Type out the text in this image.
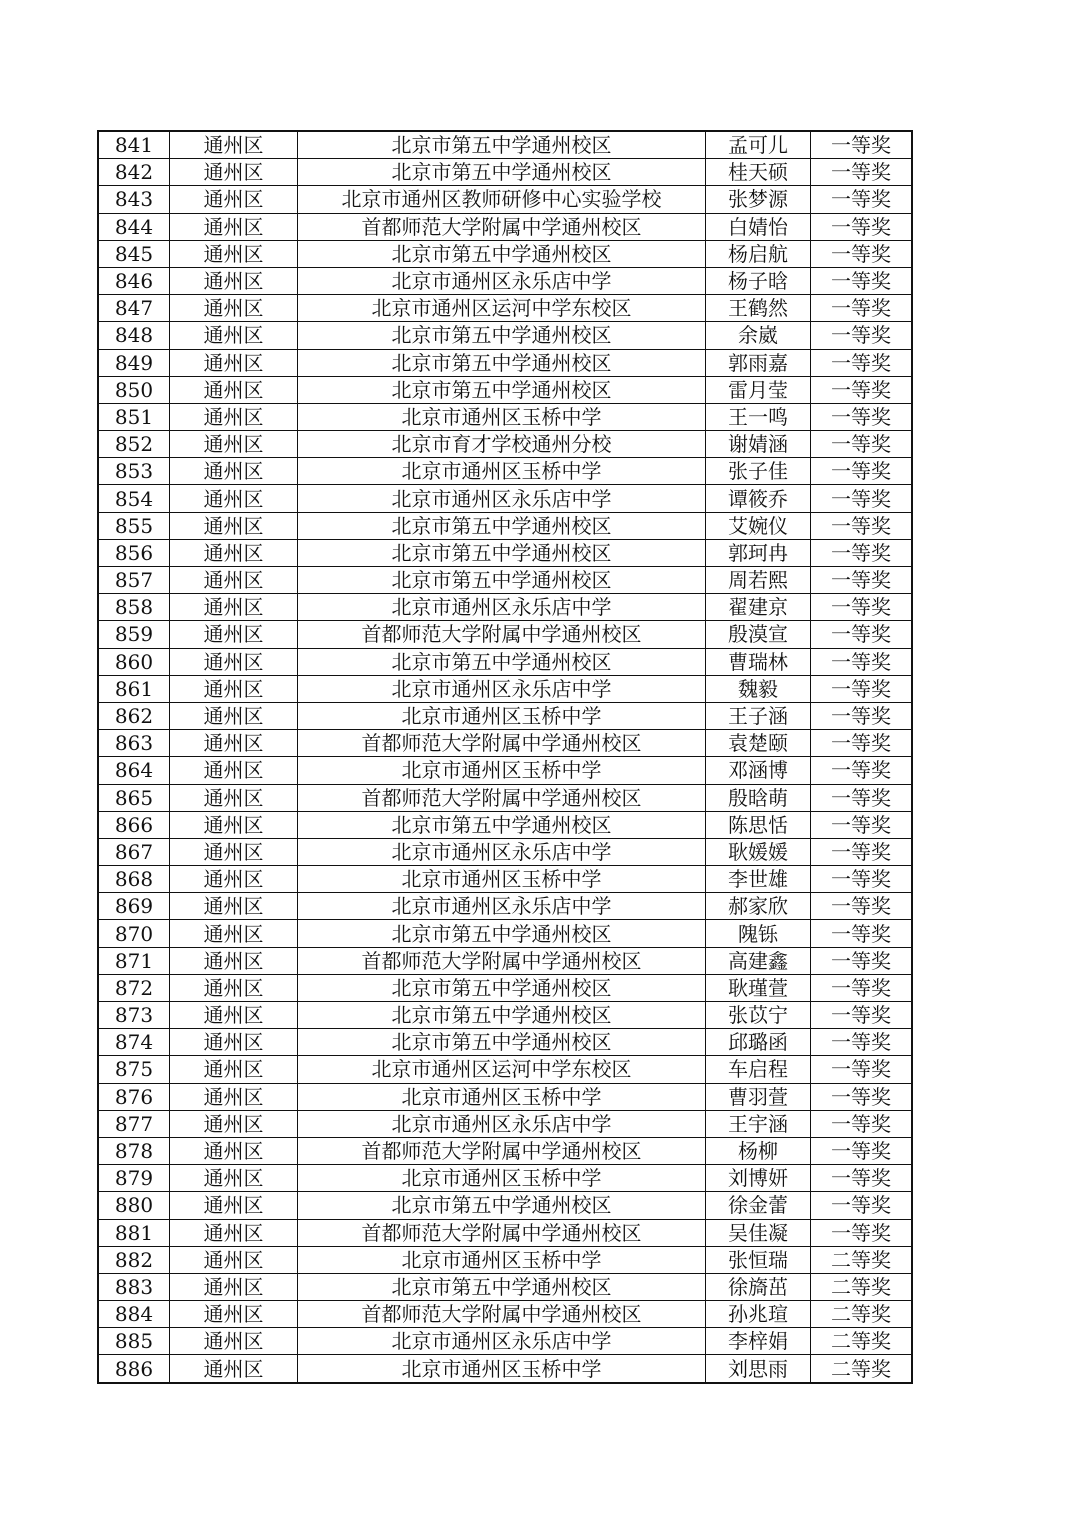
841	通州区	北京市第五中学通州校区	孟可儿	一等奖
842	通州区	北京市第五中学通州校区	桂天硕	一等奖
843	通州区	北京市通州区教师研修中心实验学校	张梦源	一等奖
844	通州区	首都师范大学附属中学通州校区	白婧怡	一等奖
845	通州区	北京市第五中学通州校区	杨启航	一等奖
846	通州区	北京市通州区永乐店中学	杨子晗	一等奖
847	通州区	北京市通州区运河中学东校区	王鹤然	一等奖
848	通州区	北京市第五中学通州校区	余崴	一等奖
849	通州区	北京市第五中学通州校区	郭雨嘉	一等奖
850	通州区	北京市第五中学通州校区	雷月莹	一等奖
851	通州区	北京市通州区玉桥中学	王一鸣	一等奖
852	通州区	北京市育才学校通州分校	谢婧涵	一等奖
853	通州区	北京市通州区玉桥中学	张子佳	一等奖
854	通州区	北京市通州区永乐店中学	谭筱乔	一等奖
855	通州区	北京市第五中学通州校区	艾婉仪	一等奖
856	通州区	北京市第五中学通州校区	郭珂冉	一等奖
857	通州区	北京市第五中学通州校区	周若熙	一等奖
858	通州区	北京市通州区永乐店中学	翟建京	一等奖
859	通州区	首都师范大学附属中学通州校区	殷漠宣	一等奖
860	通州区	北京市第五中学通州校区	曹瑞林	一等奖
861	通州区	北京市通州区永乐店中学	魏毅	一等奖
862	通州区	北京市通州区玉桥中学	王子涵	一等奖
863	通州区	首都师范大学附属中学通州校区	袁楚颐	一等奖
864	通州区	北京市通州区玉桥中学	邓涵博	一等奖
865	通州区	首都师范大学附属中学通州校区	殷晗萌	一等奖
866	通州区	北京市第五中学通州校区	陈思恬	一等奖
867	通州区	北京市通州区永乐店中学	耿媛媛	一等奖
868	通州区	北京市通州区玉桥中学	李世雄	一等奖
869	通州区	北京市通州区永乐店中学	郝家欣	一等奖
870	通州区	北京市第五中学通州校区	隗铄	一等奖
871	通州区	首都师范大学附属中学通州校区	高建鑫	一等奖
872	通州区	北京市第五中学通州校区	耿瑾萱	一等奖
873	通州区	北京市第五中学通州校区	张苡宁	一等奖
874	通州区	北京市第五中学通州校区	邱璐函	一等奖
875	通州区	北京市通州区运河中学东校区	车启程	一等奖
876	通州区	北京市通州区玉桥中学	曹羽萱	一等奖
877	通州区	北京市通州区永乐店中学	王宇涵	一等奖
878	通州区	首都师范大学附属中学通州校区	杨柳	一等奖
879	通州区	北京市通州区玉桥中学	刘博妍	一等奖
880	通州区	北京市第五中学通州校区	徐金蕾	一等奖
881	通州区	首都师范大学附属中学通州校区	吴佳凝	一等奖
882	通州区	北京市通州区玉桥中学	张恒瑞	二等奖
883	通州区	北京市第五中学通州校区	徐旖茁	二等奖
884	通州区	首都师范大学附属中学通州校区	孙兆瑄	二等奖
885	通州区	北京市通州区永乐店中学	李梓娟	二等奖
886	通州区	北京市通州区玉桥中学	刘思雨	二等奖
